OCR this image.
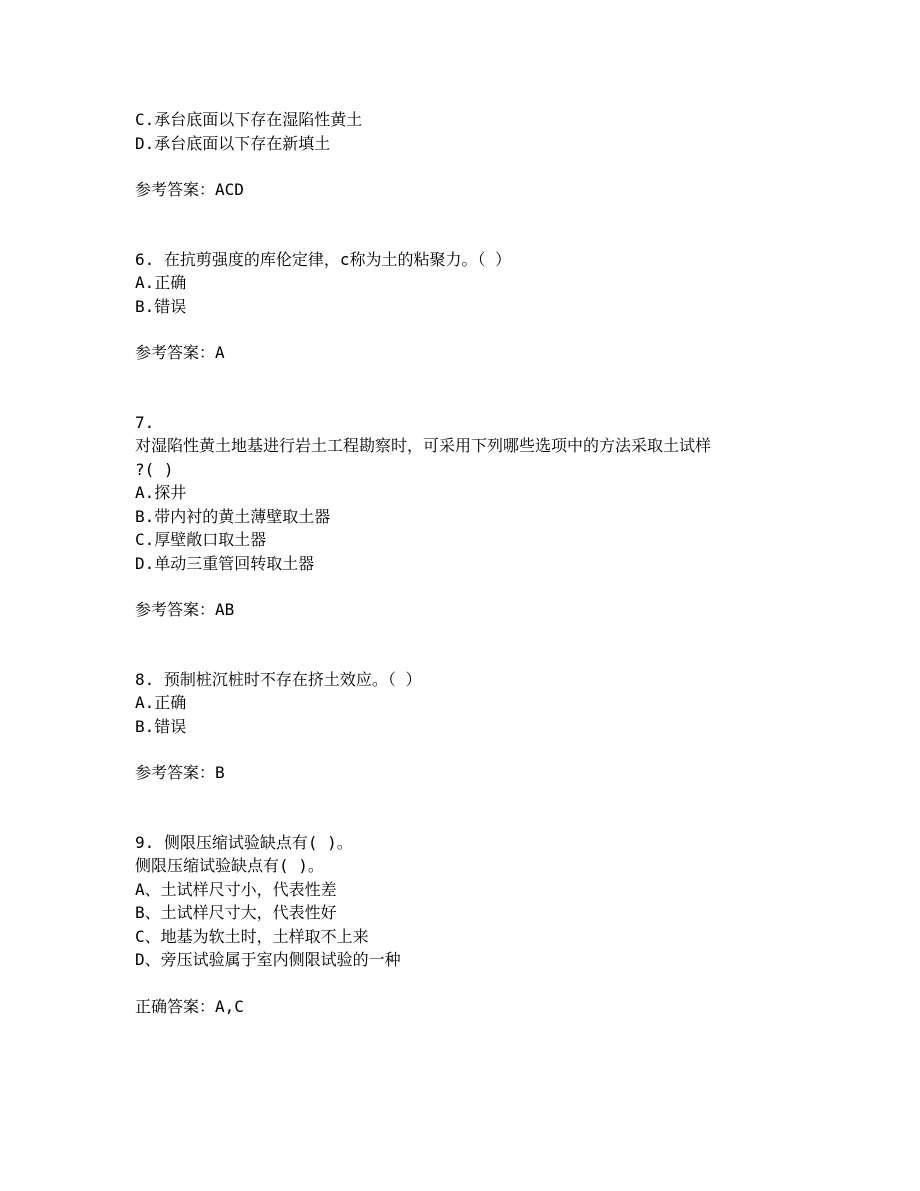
C.承台底面以下存在湿陷性黄土

D.承台底面以下存在新填土

参考答案：ACD

6. 在抗剪强度的库伦定律，c称为土的粘聚力。（ ）

A.正确

B.错误

参考答案：A

7.

对湿陷性黄土地基进行岩土工程勘察时，可采用下列哪些选项中的方法采取土试样

?( )

A.探井

B.带内衬的黄土薄壁取土器

C.厚壁敞口取土器

D.单动三重管回转取土器

参考答案：AB

8. 预制桩沉桩时不存在挤土效应。（ ）

A.正确

B.错误

参考答案：B

9. 侧限压缩试验缺点有( )。

侧限压缩试验缺点有( )。

A、土试样尺寸小，代表性差

B、土试样尺寸大，代表性好

C、地基为软土时，土样取不上来

D、旁压试验属于室内侧限试验的一种

正确答案：A,C
